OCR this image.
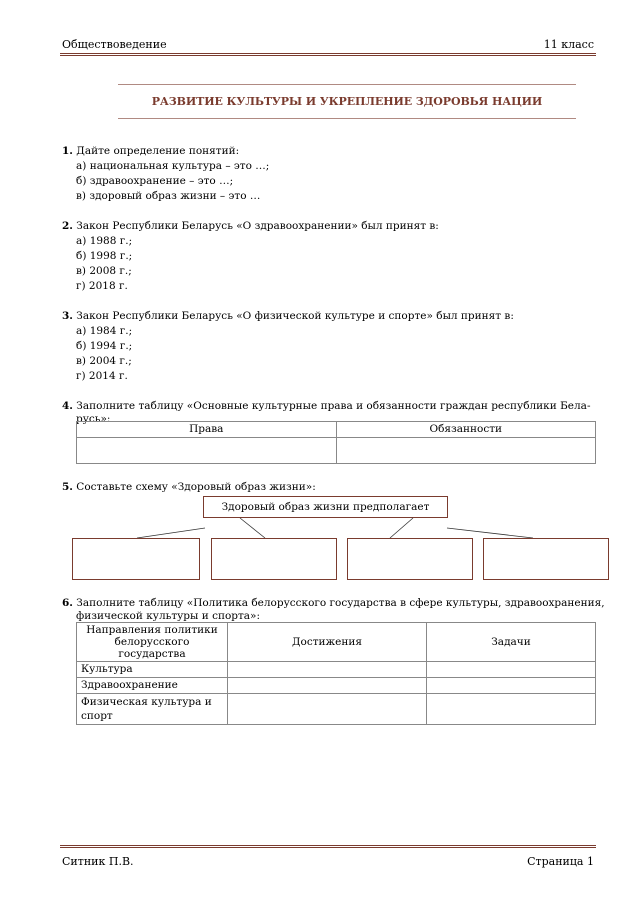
Обществоведение	11 класс
РАЗВИТИЕ КУЛЬТУРЫ И УКРЕПЛЕНИЕ ЗДОРОВЬЯ НАЦИИ
1. Дайте определение понятий:
а) национальная культура – это …;
б) здравоохранение – это …;
в) здоровый образ жизни – это …
2. Закон Республики Беларусь «О здравоохранении» был принят в:
а) 1988 г.;
б) 1998 г.;
в) 2008 г.;
г) 2018 г.
3. Закон Республики Беларусь «О физической культуре и спорте» был принят в:
а) 1984 г.;
б) 1994 г.;
в) 2004 г.;
г) 2014 г.
4. Заполните таблицу «Основные культурные права и обязанности граждан республики Бела-
русь»:
Права	Обязанности

5. Составьте схему «Здоровый образ жизни»:
Здоровый образ жизни предполагает
6. Заполните таблицу «Политика белорусского государства в сфере культуры, здравоохранения,
физической культуры и спорта»:
Направления политики белорусского государства	Достижения	Задачи
Культура		
Здравоохранение		
Физическая культура и спорт		
Ситник П.В.	Страница 1
